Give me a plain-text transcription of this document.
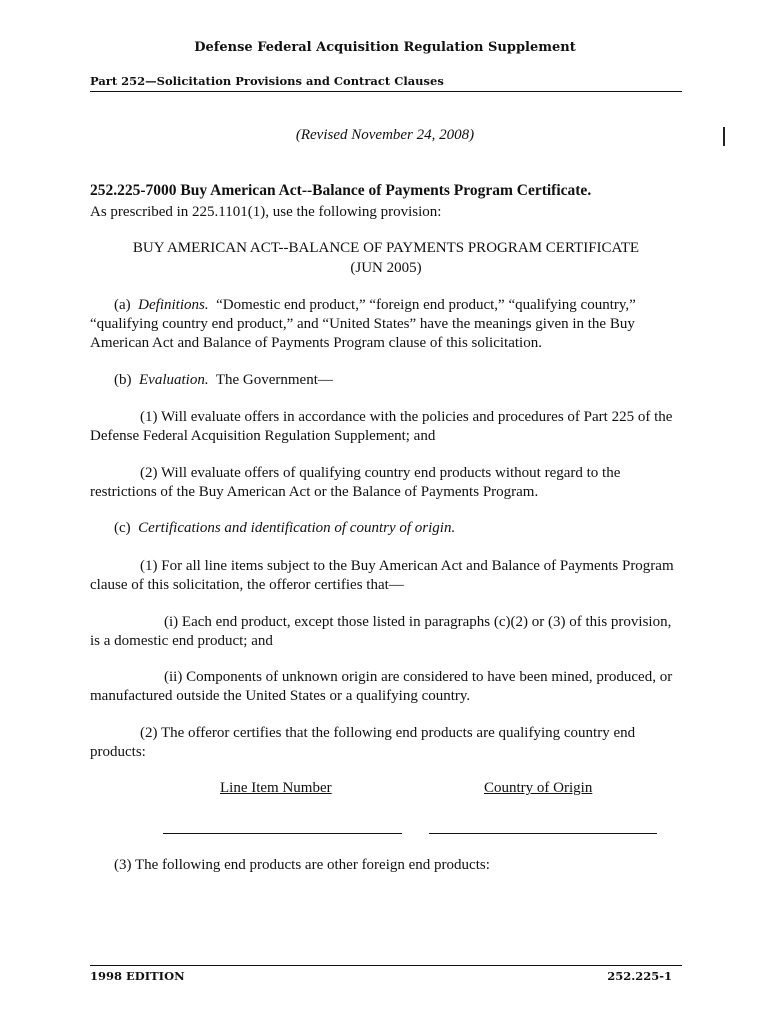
Defense Federal Acquisition Regulation Supplement
Part 252—Solicitation Provisions and Contract Clauses
(Revised November 24, 2008)
252.225-7000 Buy American Act--Balance of Payments Program Certificate.
As prescribed in 225.1101(1), use the following provision:
BUY AMERICAN ACT--BALANCE OF PAYMENTS PROGRAM CERTIFICATE
(JUN 2005)
(a) Definitions. “Domestic end product,” “foreign end product,” “qualifying country,” “qualifying country end product,” and “United States” have the meanings given in the Buy American Act and Balance of Payments Program clause of this solicitation.
(b) Evaluation. The Government—
(1) Will evaluate offers in accordance with the policies and procedures of Part 225 of the Defense Federal Acquisition Regulation Supplement; and
(2) Will evaluate offers of qualifying country end products without regard to the restrictions of the Buy American Act or the Balance of Payments Program.
(c) Certifications and identification of country of origin.
(1) For all line items subject to the Buy American Act and Balance of Payments Program clause of this solicitation, the offeror certifies that—
(i) Each end product, except those listed in paragraphs (c)(2) or (3) of this provision, is a domestic end product; and
(ii) Components of unknown origin are considered to have been mined, produced, or manufactured outside the United States or a qualifying country.
(2) The offeror certifies that the following end products are qualifying country end products:
Line Item Number	Country of Origin
(3) The following end products are other foreign end products:
1998 EDITION	252.225-1
